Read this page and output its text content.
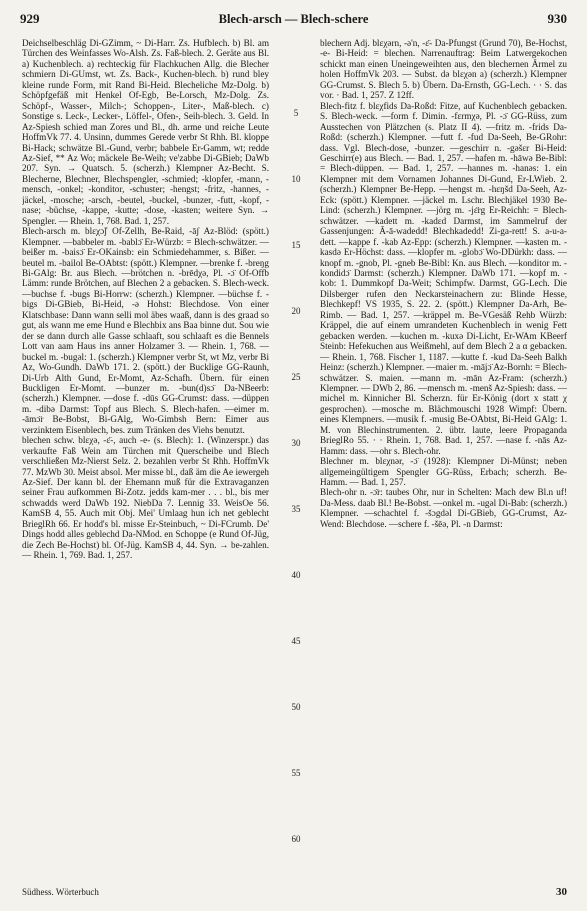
929	Blech-arsch — Blech-schere	930

Deichselbeschläg Di-GZimm, ~ Di-Harr. Zs. Hufblech. b) Bl. am Türchen des Weinfasses Wo-Alsh. Zs. Faß-blech. 2. Geräte aus Bl. a) Kuchenblech. a) rechteckig für Flachkuchen Allg. die Blecher schmiern Di-GUmst, wt. Zs. Back-, Kuchen-blech. b) rund bley kleine runde Form, mit Rand Bi-Heid. Blecheliche Mz-Dolg. b) Schöpfgefäß mit Henkel Of-Egb, Be-Lorsch, Mz-Dolg. Zs. Schöpf-, Wasser-, Milch-; Schoppen-, Liter-, Maß-blech. c) Sonstige s. Leck-, Lecker-, Löffel-, Ofen-, Seih-blech. 3. Geld. In Az-Spiesh schied man Zores und Bl., dh. arme und reiche Leute HoffmVk 77. 4. Unsinn, dummes Gerede verbr St Rhh. Bl. kloppe Bi-Hack; schwätze Bl.-Gund, verbr; babbele Er-Gamm, wt; redde Az-Sief, ** Az Wo; mäckele Be-Weih; ve'zabbe Di-GBieb; DaWb 207. Syn. → Quatsch. 5. (scherzh.) Klempner Az-Becht. S. Blecherne, Blechner, Blechspengler, -schmied; -klopfer, -mann, -mensch, -onkel; -konditor, -schuster; -hengst; -fritz, -hannes, -jäckel, -mosche; -arsch, -beutel, -buckel, -bunzer, -futt, -kopf, -nase; -büchse, -kappe, -kutte; -dose, -kasten; weitere Syn. → Spengler. — Rhein. 1, 768. Bad. 1, 257.

Blech-arsch m. blɛχɔ̃ʃ Of-Zellh, Be-Raid, -āʃ Az-Blöd: (spött.) Klempner. —babbeler m. -bablɔ̈ Er-Würzb: = Blech-schwätzer. —beißer m. -baisɔ̈ Er-OKainsb: ein Schmiedehammer, s. Bißer. —beutel m. -bailol Be-OAbtst: (spött.) Klempner. —brenke f. -breŋg Bi-GAlg: Br. aus Blech. —brötchen n. -brēdχə, Pl. -ɔ̈ Of-Offb Lämm: runde Brötchen, auf Blechen 2 a gebacken. S. Blech-weck. —buchse f. -bugs Bi-Horrw: (scherzh.) Klempner. —büchse f. -bigs Di-GBieb, Bi-Heid, -ə Hohst: Blechdose. Von einer Klatschbase: Dann wann selli mol äbes waaß, dann is des graad so gut, als wann me eme Hund e Blechbix ans Baa binne dut. Sou wie der se dann durch alle Gasse schlaaft, sou schlaaft es die Bennels Lott van aam Haus ins anner Holzamer 3. — Rhein. 1, 768. —buckel m. -bugəl: 1. (scherzh.) Klempner verbr St, wt Mz, verbr Bi Az, Wo-Gundh. DaWb 171. 2. (spött.) der Bucklige GG-Raunh, Di-Urb Alth Gund, Er-Momt, Az-Schafh. Übern. für einen Buckligen Er-Momt. —bunzer m. -bun(d)sɔ̈ Da-NBeerb: (scherzh.) Klempner. —dose f. -dūs GG-Crumst: dass. —düppen m. -dibə Darmst: Topf aus Blech. S. Blech-hafen. —eimer m. -āmɔ̈r Be-Bobst, Bi-GAlg, Wo-Gimbsh Bern: Eimer aus verzinktem Eisenblech, bes. zum Tränken des Viehs benutzt.

blechen schw. blɛχə, -ɛ̈-, auch -e- (s. Blech): 1. (Winzerspr.) das verkaufte Faß Wein am Türchen mit Querscheibe und Blech verschließen Mz-Nierst Selz. 2. bezahlen verbr St Rhh. HoffmVk 77. MzWb 30. Meist absol. Mer misse bl., daß äm die Ae iewergeh Az-Sief. Der kann bl. der Ehemann muß für die Extravaganzen seiner Frau aufkommen Bi-Zotz. jedds kam-mer . . . bl., bis mer schwadds werd DaWb 192. NiebDa 7. Lennig 33. WeisOe 56. KamSB 4, 55. Auch mit Obj. Mei' Umlaag hun ich net geblecht BrieglRh 66. Er hodd's bl. misse Er-Steinbuch, ~ Di-FCrumb. De' Dings hodd alles geblechd Da-NMod. en Schoppe (e Rund Of-Jüg, die Zech Be-Hochst) bl. Of-Jüg. KamSB 4, 44. Syn. → be-zahlen. — Rhein. 1, 769. Bad. 1, 257.

5
10
15
20
25
30
35
40
45
50
55
60

blechern Adj. blɛχərn, -ə'n, -ɛ̈- Da-Pfungst (Grund 70), Be-Hochst, -e- Bi-Heid: = blechen. Narrenauftrag: Beim Latwergekochen schickt man einen Uneingeweihten aus, den blechernen Ärmel zu holen HoffmVk 203. — Subst. də blɛχən a) (scherzh.) Klempner GG-Crumst. S. Blech 5. b) Übern. Da-Ernsth, GG-Lech. · · S. das vor. · Bad. 1, 257. Z 12ff.

Blech-fitz f. blɛχfids Da-Roßd: Fitze, auf Kuchenblech gebacken. S. Blech-weck. —form f. Dimin. -fɛrmχə, Pl. -ɔ̈ GG-Rüss, zum Ausstechen von Plätzchen (s. Platz II 4). —fritz m. -frids Da-Roßd: (scherzh.) Klempner. —futt f. -fud Da-Seeh, Be-GRohr: dass. Vgl. Blech-dose, -bunzer. —geschirr n. -gəšɛr Bi-Heid: Geschirr(e) aus Blech. — Bad. 1, 257. —hafen m. -hāwə Be-Bibl: = Blech-düppen. — Bad. 1, 257. —hannes m. -hanəs: 1. ein Klempner mit dem Vornamen Johannes Di-Gund, Er-LWieb. 2. (scherzh.) Klempner Be-Hepp. —hengst m. -hɛŋšd Da-Seeh, Az-Eck: (spött.) Klempner. —jäckel m. Lschr. Blechjäkel 1930 Be-Lind: (scherzh.) Klempner. —jörg m. -jɛ̈rg Er-Reichh: = Blech-schwätzer. —kadett m. -kadɛd Darmst, im Sammelruf der Gassenjungen: Ā-ā-wadedd! Blechkadedd! Zi-ga-rett! S. a-u-a-dett. —kappe f. -kab Az-Epp: (scherzh.) Klempner. —kasten m. -kasdə Er-Höchst: dass. —klopfer m. -globɔ̈ Wo-DDürkh: dass. —knopf m. -gnob, Pl. -gneb Be-Bibl: Kn. aus Blech. —konditor m. -kondidɔ̈ Darmst: (scherzh.) Klempner. DaWb 171. —kopf m. -kob: 1. Dummkopf Da-Weit; Schimpfw. Darmst, GG-Lech. Die Dilsberger rufen den Neckarsteinachern zu: Blinde Hesse, Blechkepf! VS 1935, S. 22. 2. (spött.) Klempner Da-Arh, Be-Rimb. — Bad. 1, 257. —kräppel m. Be-VGesäß Rehb Würzb: Kräppel, die auf einem umrandeten Kuchenblech in wenig Fett gebacken werden. —kuchen m. -kuxə Di-Licht, Er-WAm KBeerf Steinb: Hefekuchen aus Weißmehl, auf dem Blech 2 a α gebacken. — Rhein. 1, 768. Fischer 1, 1187. —kutte f. -kud Da-Seeh Balkh Heinz: (scherzh.) Klempner. —maier m. -mājɔ̈ Az-Bornh: = Blech-schwätzer. S. maien. —mann m. -mān Az-Fram: (scherzh.) Klempner. — DWb 2, 86. —mensch m. -menš Az-Spiesh: dass. —michel m. Kinnicher Bl. Scherzn. für Er-König (dort x statt χ gesprochen). —mosche m. Blächmouschi 1928 Wimpf: Übern. eines Klempners. —musik f. -musig Be-OAbtst, Bi-Heid GAlg: 1. M. von Blechinstrumenten. 2. übtr. laute, leere Propaganda BrieglRo 55. · · Rhein. 1, 768. Bad. 1, 257. —nase f. -nās Az-Hamm: dass. —ohr s. Blech-ohr.

Blechner m. blɛχnər, -ɔ̈ (1928): Klempner Di-Münst; neben allgemeingültigem Spengler GG-Rüss, Erbach; scherzh. Be-Hamm. — Bad. 1, 257.

Blech-ohr n. -ɔ̈r: taubes Ohr, nur in Schelten: Mach dew Bl.n uf! Da-Mess. daab Bl.! Be-Bobst. —onkel m. -ugəl Di-Bab: (scherzh.) Klempner. —schachtel f. -šɔgdəl Di-GBieb, GG-Crumst, Az-Wend: Blechdose. —schere f. -šēə, Pl. -n Darmst:

Südhess. Wörterbuch	30
